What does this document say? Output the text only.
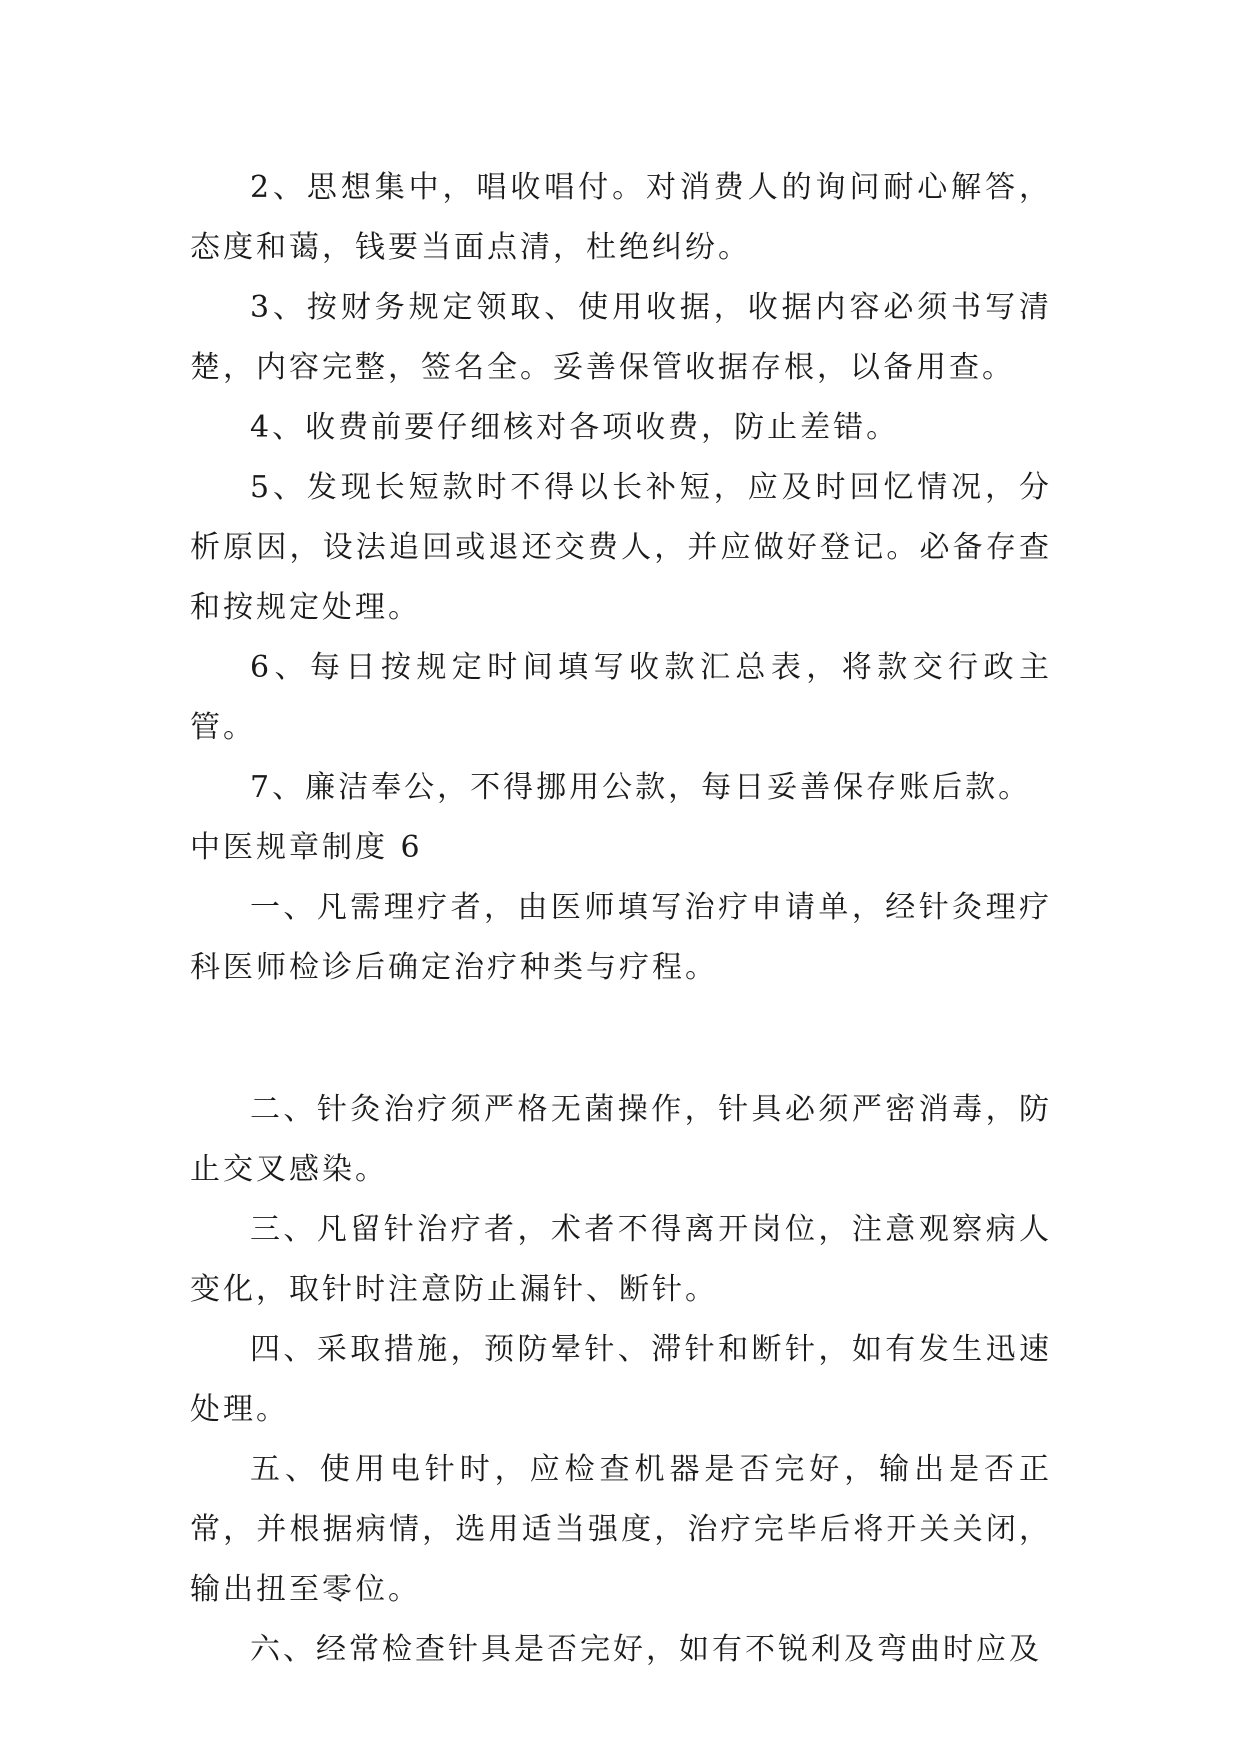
2、思想集中，唱收唱付。对消费人的询问耐心解答，态度和蔼，钱要当面点清，杜绝纠纷。

3、按财务规定领取、使用收据，收据内容必须书写清楚，内容完整，签名全。妥善保管收据存根，以备用查。

4、收费前要仔细核对各项收费，防止差错。

5、发现长短款时不得以长补短，应及时回忆情况，分析原因，设法追回或退还交费人，并应做好登记。必备存查和按规定处理。

6、每日按规定时间填写收款汇总表，将款交行政主管。

7、廉洁奉公，不得挪用公款，每日妥善保存账后款。

中医规章制度 6

一、凡需理疗者，由医师填写治疗申请单，经针灸理疗科医师检诊后确定治疗种类与疗程。

二、针灸治疗须严格无菌操作，针具必须严密消毒，防止交叉感染。

三、凡留针治疗者，术者不得离开岗位，注意观察病人变化，取针时注意防止漏针、断针。

四、采取措施，预防晕针、滞针和断针，如有发生迅速处理。

五、使用电针时，应检查机器是否完好，输出是否正常，并根据病情，选用适当强度，治疗完毕后将开关关闭，输出扭至零位。

六、经常检查针具是否完好，如有不锐利及弯曲时应及
